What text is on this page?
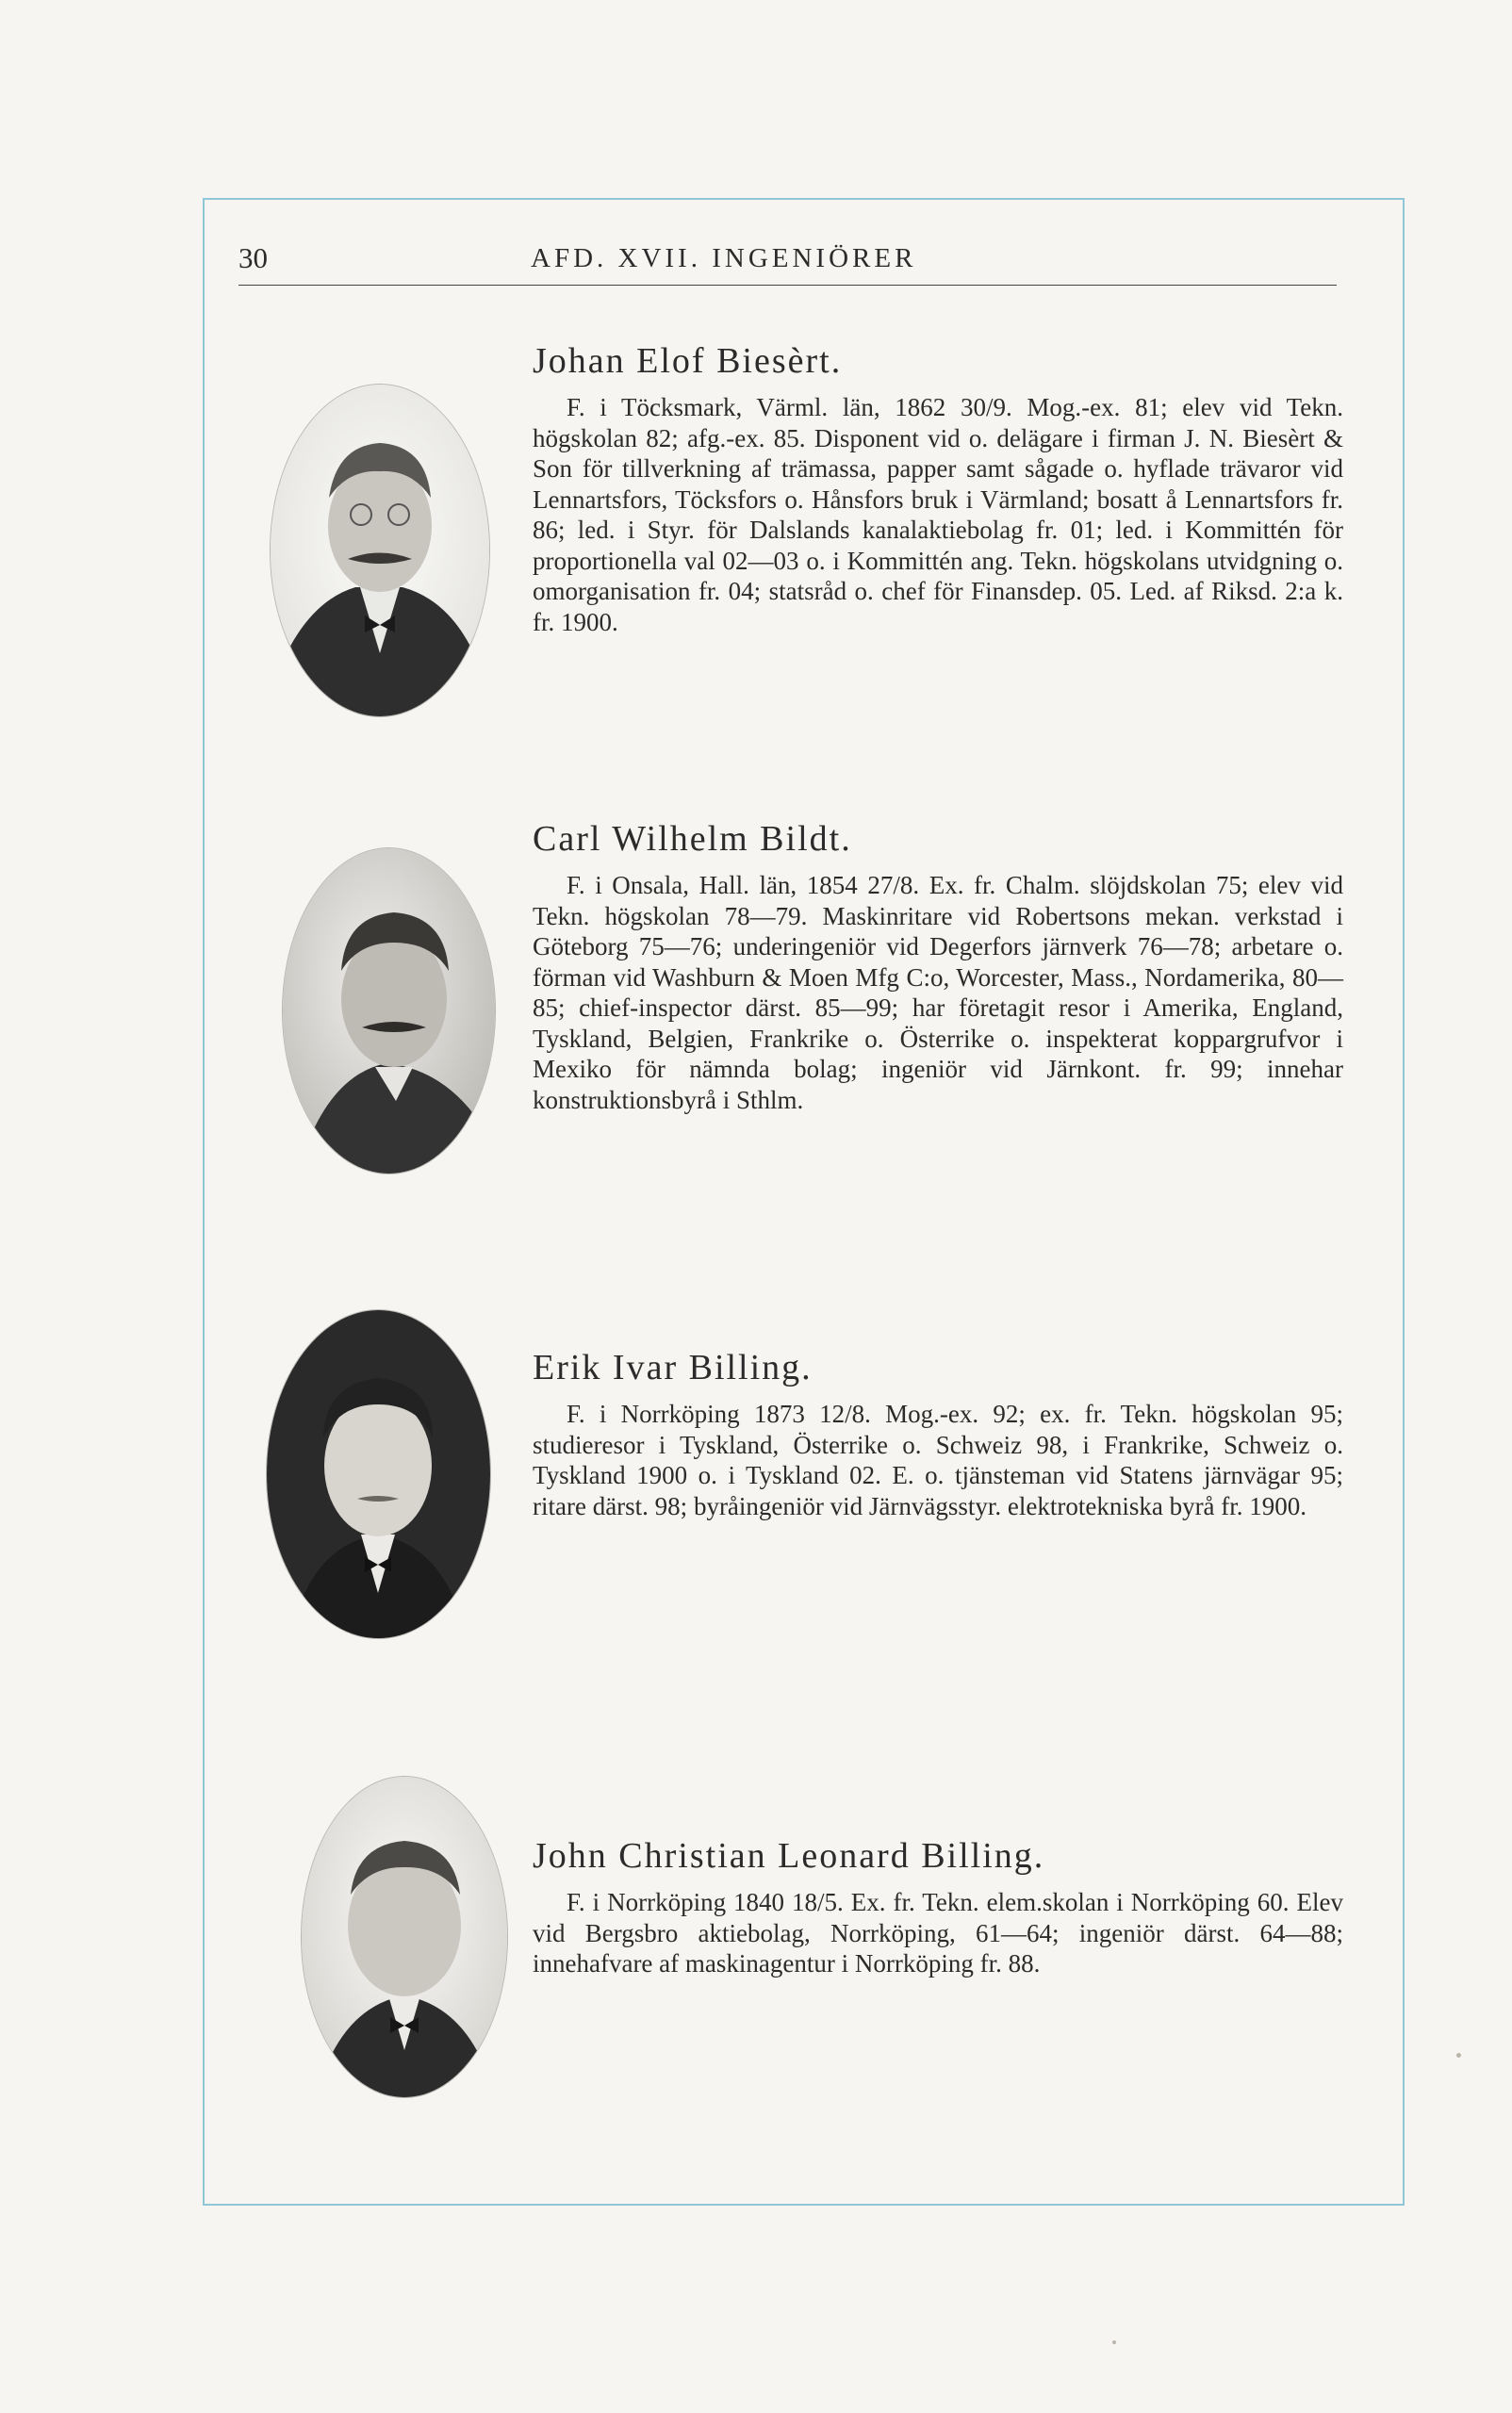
30	AFD. XVII. INGENIÖRER
Johan Elof Biesèrt.
F. i Töcksmark, Värml. län, 1862 30/9. Mog.-ex. 81; elev vid Tekn. högskolan 82; afg.-ex. 85. Disponent vid o. delägare i firman J. N. Biesèrt & Son för tillverkning af trämassa, papper samt sågade o. hyflade trävaror vid Lennartsfors, Töcksfors o. Hånsfors bruk i Värmland; bosatt å Lennartsfors fr. 86; led. i Styr. för Dalslands kanalaktiebolag fr. 01; led. i Kommittén för proportionella val 02—03 o. i Kommittén ang. Tekn. högskolans utvidgning o. omorganisation fr. 04; statsråd o. chef för Finansdep. 05. Led. af Riksd. 2:a k. fr. 1900.
Carl Wilhelm Bildt.
F. i Onsala, Hall. län, 1854 27/8. Ex. fr. Chalm. slöjdskolan 75; elev vid Tekn. högskolan 78—79. Maskinritare vid Robertsons mekan. verkstad i Göteborg 75—76; underingeniör vid Degerfors järnverk 76—78; arbetare o. förman vid Washburn & Moen Mfg C:o, Worcester, Mass., Nordamerika, 80—85; chief-inspector därst. 85—99; har företagit resor i Amerika, England, Tyskland, Belgien, Frankrike o. Österrike o. inspekterat koppargrufvor i Mexiko för nämnda bolag; ingeniör vid Järnkont. fr. 99; innehar konstruktionsbyrå i Sthlm.
Erik Ivar Billing.
F. i Norrköping 1873 12/8. Mog.-ex. 92; ex. fr. Tekn. högskolan 95; studieresor i Tyskland, Österrike o. Schweiz 98, i Frankrike, Schweiz o. Tyskland 1900 o. i Tyskland 02. E. o. tjänsteman vid Statens järnvägar 95; ritare därst. 98; byråingeniör vid Järnvägsstyr. elektrotekniska byrå fr. 1900.
John Christian Leonard Billing.
F. i Norrköping 1840 18/5. Ex. fr. Tekn. elem.skolan i Norrköping 60. Elev vid Bergsbro aktiebolag, Norrköping, 61—64; ingeniör därst. 64—88; innehafvare af maskinagentur i Norrköping fr. 88.
